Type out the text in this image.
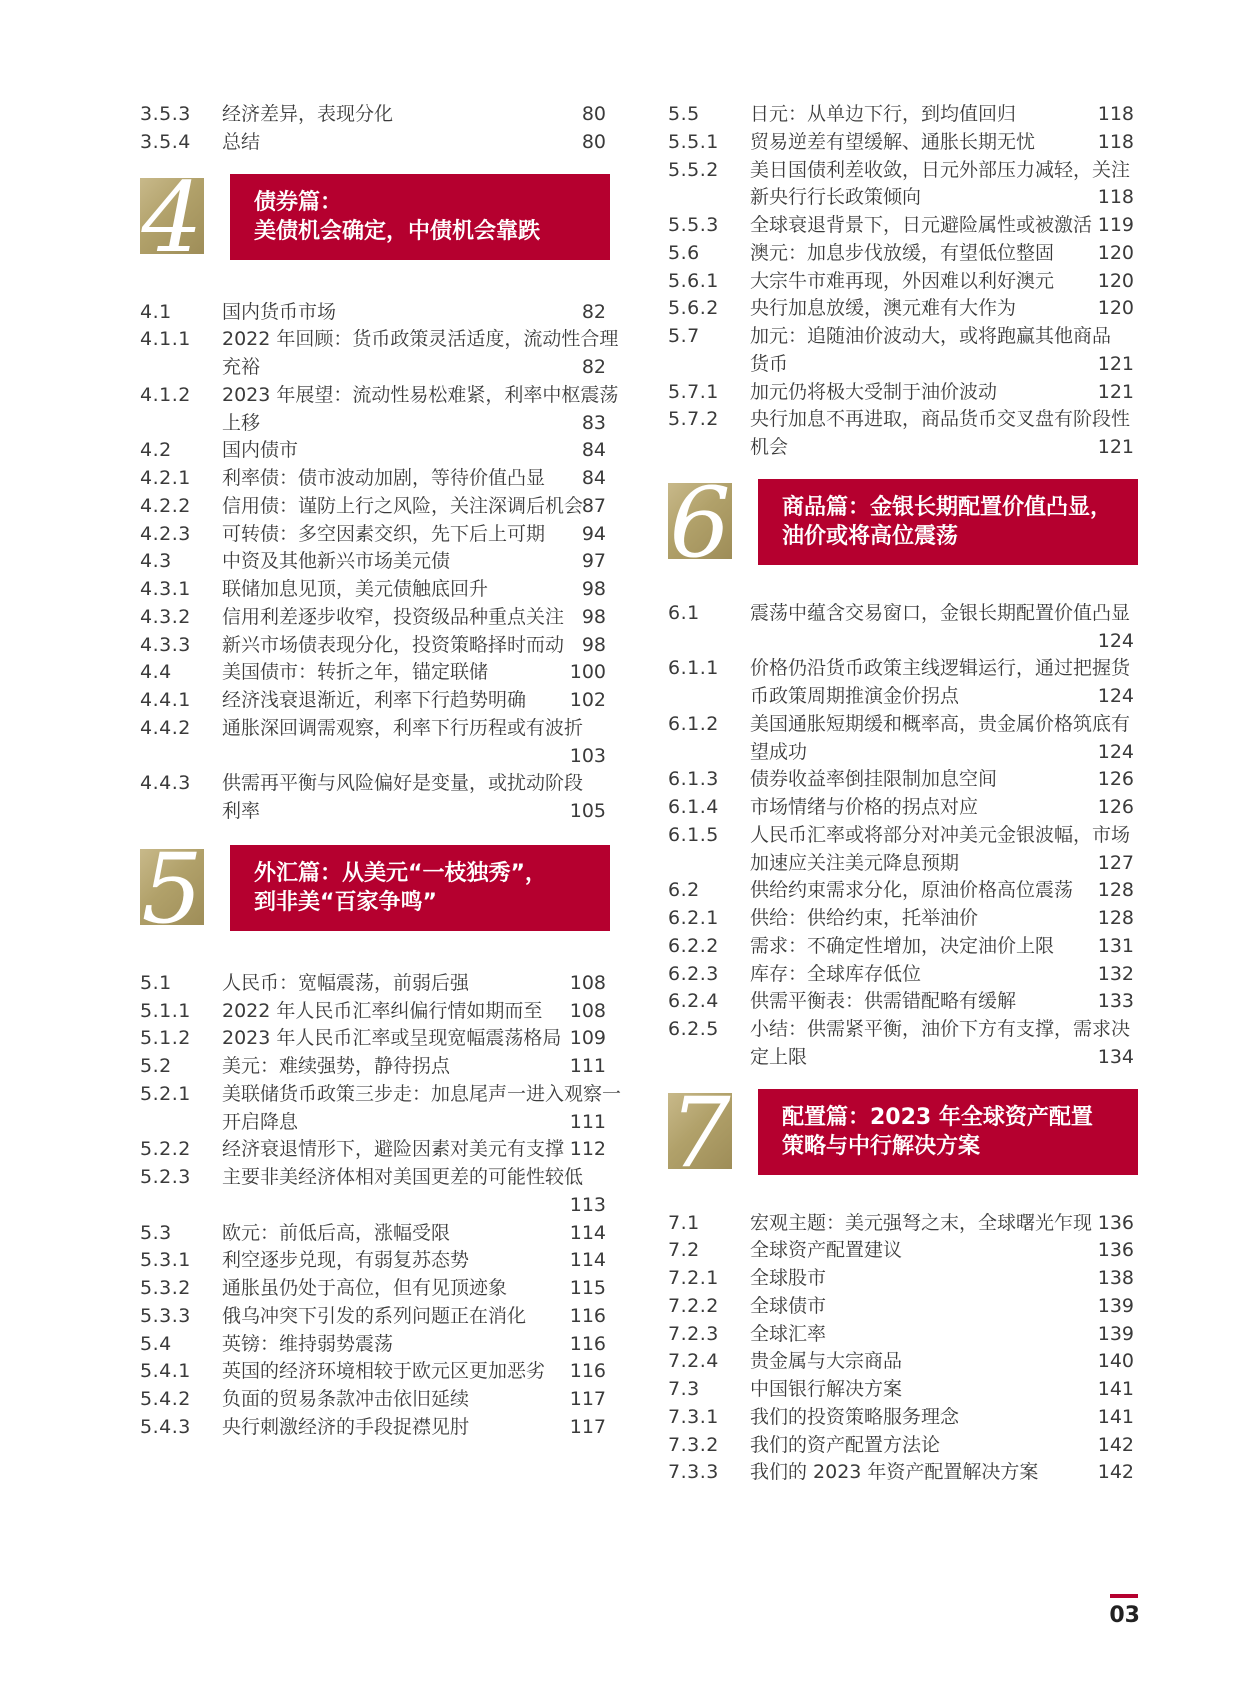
3.5.3	经济差异，表现分化	80
3.5.4	总结	80
4 债券篇：
美债机会确定，中债机会靠跌
4.1	国内货币市场	82
4.1.1	2022 年回顾：货币政策灵活适度，流动性合理
充裕	82
4.1.2	2023 年展望：流动性易松难紧，利率中枢震荡
上移	83
4.2	国内债市	84
4.2.1	利率债：债市波动加剧，等待价值凸显	84
4.2.2	信用债：谨防上行之风险，关注深调后机会
87
4.2.3	可转债：多空因素交织，先下后上可期	94
4.3	中资及其他新兴市场美元债	97
4.3.1	联储加息见顶，美元债触底回升	98
4.3.2	信用利差逐步收窄，投资级品种重点关注 98
4.3.3	新兴市场债表现分化，投资策略择时而动 98
4.4	美国债市：转折之年，锚定联储	100
4.4.1	经济浅衰退渐近，利率下行趋势明确	102
4.4.2	通胀深回调需观察，利率下行历程或有波折
103
4.4.3	供需再平衡与风险偏好是变量，或扰动阶段
利率	105
5 外汇篇：从美元“一枝独秀”，
到非美“百家争鸣”
5.1	人民币：宽幅震荡，前弱后强	108
5.1.1	2022 年人民币汇率纠偏行情如期而至	108
5.1.2	2023 年人民币汇率或呈现宽幅震荡格局 109
5.2	美元：难续强势，静待拐点	111
5.2.1	美联储货币政策三步走：加息尾声一进入观察一
开启降息	111
5.2.2	经济衰退情形下，避险因素对美元有支撑 112
5.2.3	主要非美经济体相对美国更差的可能性较低
113
5.3	欧元：前低后高，涨幅受限	114
5.3.1	利空逐步兑现，有弱复苏态势	114
5.3.2	通胀虽仍处于高位，但有见顶迹象	115
5.3.3	俄乌冲突下引发的系列问题正在消化	116
5.4	英镑：维持弱势震荡	116
5.4.1	英国的经济环境相较于欧元区更加恶劣	116
5.4.2	负面的贸易条款冲击依旧延续	117
5.4.3	央行刺激经济的手段捉襟见肘	117
5.5	日元：从单边下行，到均值回归	118
5.5.1	贸易逆差有望缓解、通胀长期无忧	118
5.5.2	美日国债利差收敛，日元外部压力减轻，关注
新央行行长政策倾向	118
5.5.3	全球衰退背景下，日元避险属性或被激活 119
5.6	澳元：加息步伐放缓，有望低位整固	120
5.6.1	大宗牛市难再现，外因难以利好澳元	120
5.6.2	央行加息放缓，澳元难有大作为	120
5.7	加元：追随油价波动大，或将跑赢其他商品
货币	121
5.7.1	加元仍将极大受制于油价波动	121
5.7.2	央行加息不再进取，商品货币交叉盘有阶段性
机会	121
6 商品篇：金银长期配置价值凸显，
油价或将高位震荡
6.1	震荡中蕴含交易窗口，金银长期配置价值凸显
124
6.1.1	价格仍沿货币政策主线逻辑运行，通过把握货
币政策周期推演金价拐点	124
6.1.2	美国通胀短期缓和概率高，贵金属价格筑底有
望成功	124
6.1.3	债券收益率倒挂限制加息空间	126
6.1.4	市场情绪与价格的拐点对应	126
6.1.5	人民币汇率或将部分对冲美元金银波幅，市场
加速应关注美元降息预期	127
6.2	供给约束需求分化，原油价格高位震荡	128
6.2.1	供给：供给约束，托举油价	128
6.2.2	需求：不确定性增加，决定油价上限	131
6.2.3	库存：全球库存低位	132
6.2.4	供需平衡表：供需错配略有缓解	133
6.2.5	小结：供需紧平衡，油价下方有支撑，需求决
定上限	134
7 配置篇：2023 年全球资产配置
策略与中行解决方案
7.1	宏观主题：美元强弩之末，全球曙光乍现 136
7.2	全球资产配置建议	136
7.2.1	全球股市	138
7.2.2	全球债市	139
7.2.3	全球汇率	139
7.2.4	贵金属与大宗商品	140
7.3	中国银行解决方案	141
7.3.1	我们的投资策略服务理念	141
7.3.2	我们的资产配置方法论	142
7.3.3	我们的 2023 年资产配置解决方案	142
03
